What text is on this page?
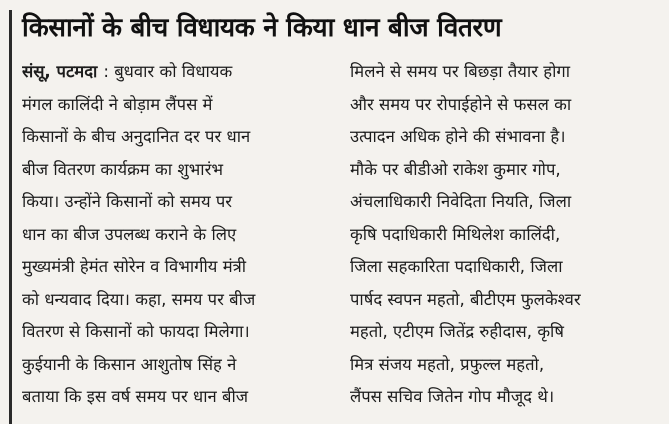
किसानों के बीच विधायक ने किया धान बीज वितरण
संसू, पटमदा : बुधवार को विधायक
मंगल कालिंदी ने बोड़ाम लैंपस में
किसानों के बीच अनुदानित दर पर धान
बीज वितरण कार्यक्रम का शुभारंभ
किया। उन्होंने किसानों को समय पर
धान का बीज उपलब्ध कराने के लिए
मुख्यमंत्री हेमंत सोरेन व विभागीय मंत्री
को धन्यवाद दिया। कहा, समय पर बीज
वितरण से किसानों को फायदा मिलेगा।
कुईयानी के किसान आशुतोष सिंह ने
बताया कि इस वर्ष समय पर धान बीज
मिलने से समय पर बिछड़ा तैयार होगा
और समय पर रोपाईहोने से फसल का
उत्पादन अधिक होने की संभावना है।
मौके पर बीडीओ राकेश कुमार गोप,
अंचलाधिकारी निवेदिता नियति, जिला
कृषि पदाधिकारी मिथिलेश कालिंदी,
जिला सहकारिता पदाधिकारी, जिला
पार्षद स्वपन महतो, बीटीएम फुलकेश्वर
महतो, एटीएम जितेंद्र रुहीदास, कृषि
मित्र संजय महतो, प्रफुल्ल महतो,
लैंपस सचिव जितेन गोप मौजूद थे।
